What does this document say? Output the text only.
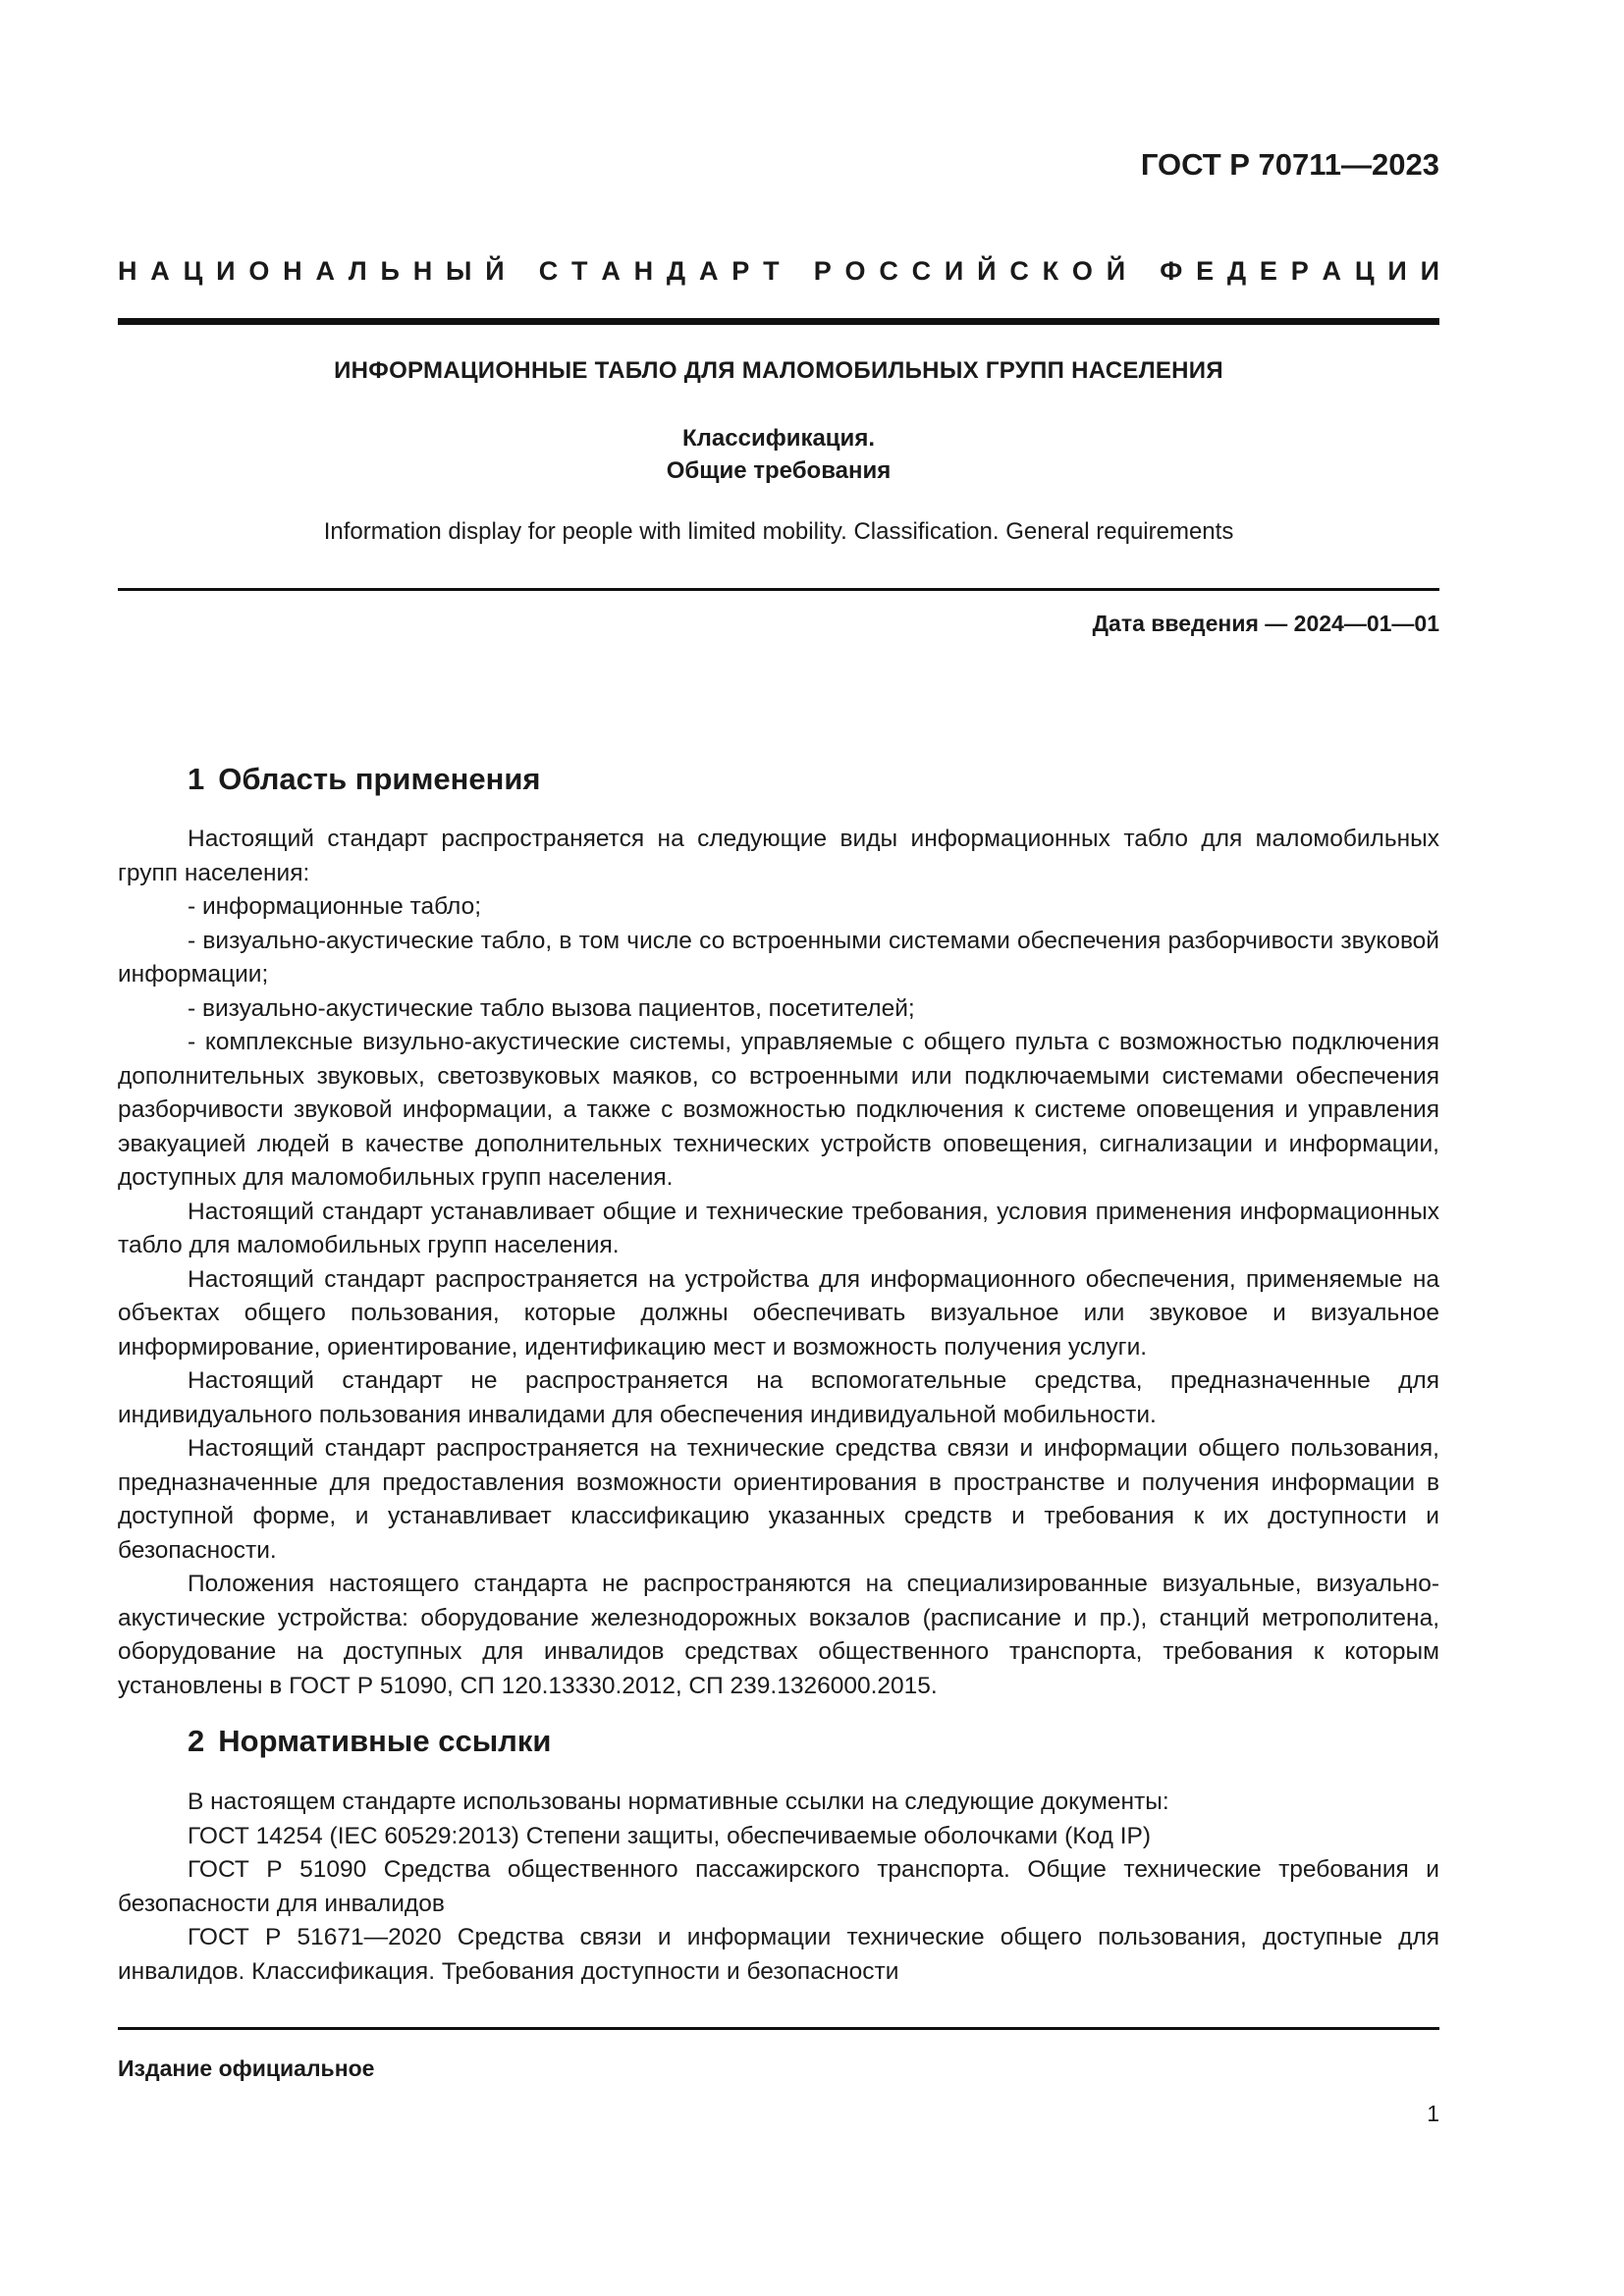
ГОСТ Р 70711—2023
Н А Ц И О Н А Л Ь Н Ы Й
С Т А Н Д А Р Т
Р О С С И Й С К О Й
Ф Е Д Е Р А Ц И И
ИНФОРМАЦИОННЫЕ ТАБЛО ДЛЯ МАЛОМОБИЛЬНЫХ ГРУПП НАСЕЛЕНИЯ
Классификация.
Общие требования
Information display for people with limited mobility. Classification. General requirements
Дата введения — 2024—01—01
1 Область применения

Настоящий стандарт распространяется на следующие виды информационных табло для маломобильных групп населения:

- информационные табло;

- визуально-акустические табло, в том числе со встроенными системами обеспечения разборчивости звуковой информации;

- визуально-акустические табло вызова пациентов, посетителей;

- комплексные визульно-акустические системы, управляемые с общего пульта с возможностью подключения дополнительных звуковых, светозвуковых маяков, со встроенными или подключаемыми системами обеспечения разборчивости звуковой информации, а также с возможностью подключения к системе оповещения и управления эвакуацией людей в качестве дополнительных технических устройств оповещения, сигнализации и информации, доступных для маломобильных групп населения.

Настоящий стандарт устанавливает общие и технические требования, условия применения информационных табло для маломобильных групп населения.

Настоящий стандарт распространяется на устройства для информационного обеспечения, применяемые на объектах общего пользования, которые должны обеспечивать визуальное или звуковое и визуальное информирование, ориентирование, идентификацию мест и возможность получения услуги.

Настоящий стандарт не распространяется на вспомогательные средства, предназначенные для индивидуального пользования инвалидами для обеспечения индивидуальной мобильности.

Настоящий стандарт распространяется на технические средства связи и информации общего пользования, предназначенные для предоставления возможности ориентирования в пространстве и получения информации в доступной форме, и устанавливает классификацию указанных средств и требования к их доступности и безопасности.

Положения настоящего стандарта не распространяются на специализированные визуальные, визуально-акустические устройства: оборудование железнодорожных вокзалов (расписание и пр.), станций метрополитена, оборудование на доступных для инвалидов средствах общественного транспорта, требования к которым установлены в ГОСТ Р 51090, СП 120.13330.2012, СП 239.1326000.2015.

2 Нормативные ссылки

В настоящем стандарте использованы нормативные ссылки на следующие документы:

ГОСТ 14254 (IEC 60529:2013) Степени защиты, обеспечиваемые оболочками (Код IP)

ГОСТ Р 51090 Средства общественного пассажирского транспорта. Общие технические требования и безопасности для инвалидов

ГОСТ Р 51671—2020 Средства связи и информации технические общего пользования, доступные для инвалидов. Классификация. Требования доступности и безопасности

Издание официальное
1
